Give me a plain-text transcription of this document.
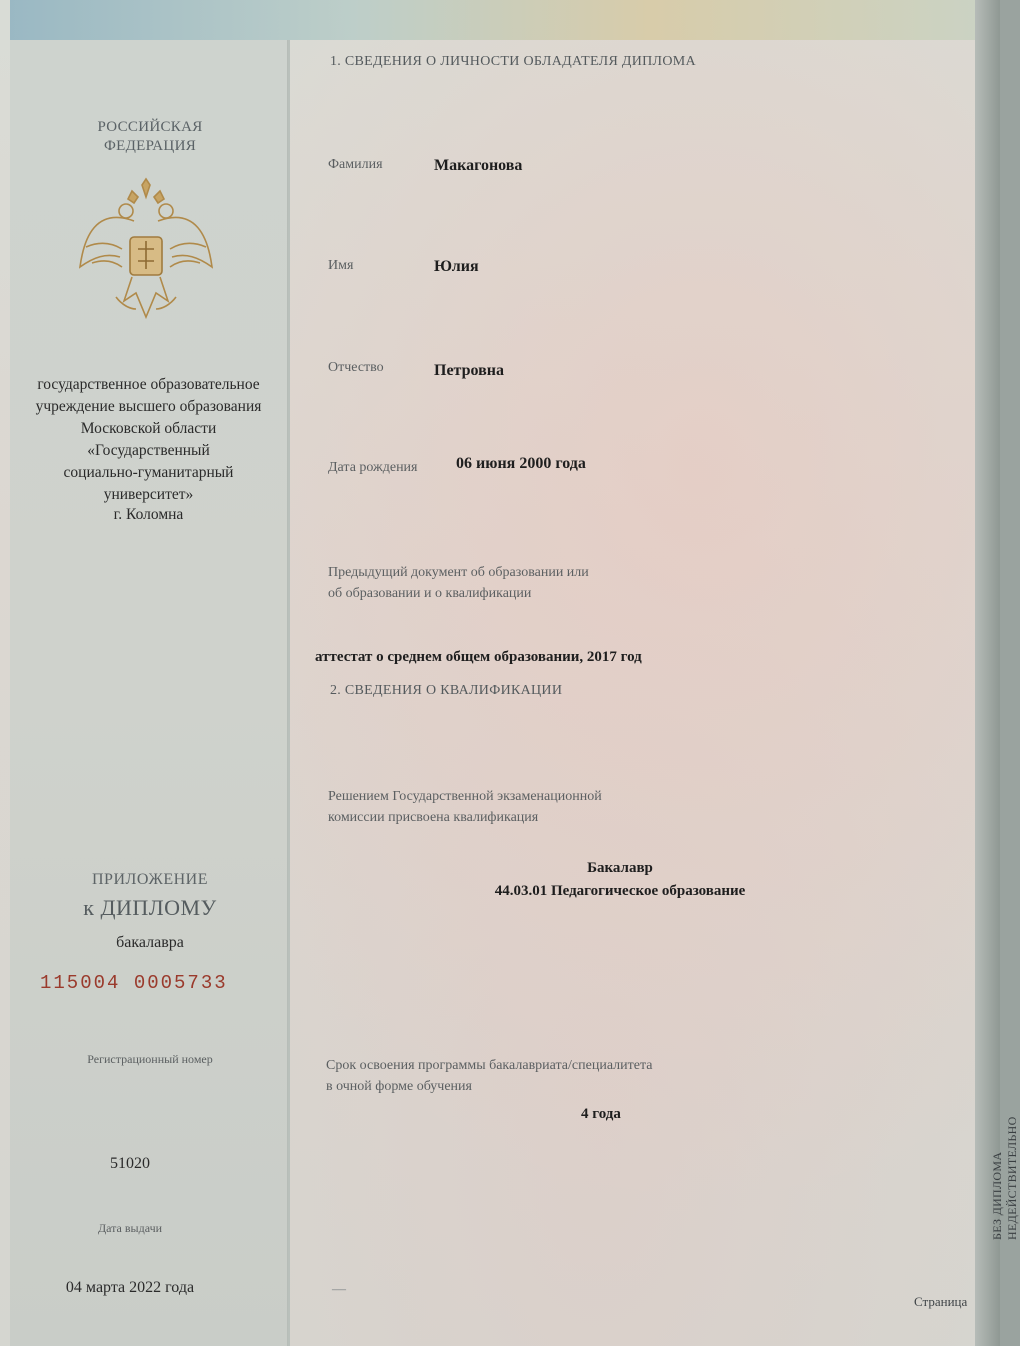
РОССИЙСКАЯ
ФЕДЕРАЦИЯ
государственное образовательное
учреждение высшего образования
Московской области
«Государственный
социально-гуманитарный
университет»
г. Коломна
ПРИЛОЖЕНИЕ
к ДИПЛОМУ
бакалавра
115004 0005733
Регистрационный номер
51020
Дата выдачи
04 марта 2022 года
1. СВЕДЕНИЯ О ЛИЧНОСТИ ОБЛАДАТЕЛЯ ДИПЛОМА
Фамилия	Макагонова
Имя	Юлия
Отчество	Петровна
Дата рождения 06 июня 2000 года
Предыдущий документ об образовании или
об образовании и о квалификации
аттестат о среднем общем образовании, 2017 год
2. СВЕДЕНИЯ О КВАЛИФИКАЦИИ
Решением Государственной экзаменационной
комиссии присвоена квалификация
Бакалавр
44.03.01 Педагогическое образование
Срок освоения программы бакалавриата/специалитета
в очной форме обучения
4 года
—
Страница
БЕЗ ДИПЛОМА НЕДЕЙСТВИТЕЛЬНО
